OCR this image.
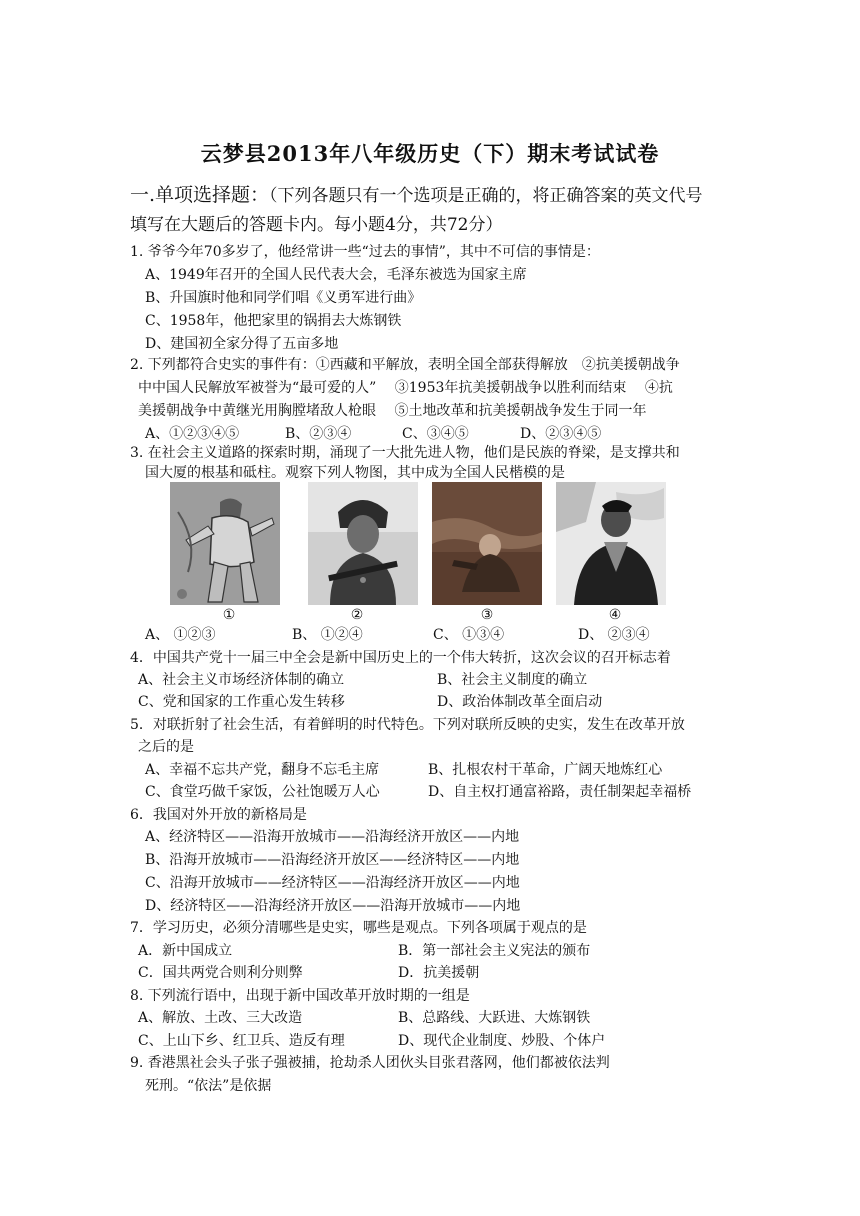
云梦县2013年八年级历史（下）期末考试试卷
一.单项选择题：（下列各题只有一个选项是正确的，将正确答案的英文代号
填写在大题后的答题卡内。每小题4分，共72分）
1. 爷爷今年70多岁了，他经常讲一些“过去的事情”，其中不可信的事情是：
A、1949年召开的全国人民代表大会，毛泽东被选为国家主席
B、升国旗时他和同学们唱《义勇军进行曲》
C、1958年，他把家里的锅捐去大炼钢铁
D、建国初全家分得了五亩多地
2. 下列都符合史实的事件有：①西藏和平解放，表明全国全部获得解放　②抗美援朝战争
中中国人民解放军被誉为“最可爱的人”　 ③1953年抗美援朝战争以胜利而结束　 ④抗
美援朝战争中黄继光用胸膛堵敌人枪眼　 ⑤土地改革和抗美援朝战争发生于同一年
A、①②③④⑤	B、②③④	C、③④⑤	D、②③④⑤
3. 在社会主义道路的探索时期，涌现了一大批先进人物，他们是民族的脊梁，是支撑共和
国大厦的根基和砥柱。观察下列人物图，其中成为全国人民楷模的是
①	②	③	④
A、 ①②③	B、 ①②④	C、 ①③④	D、 ②③④
4．中国共产党十一届三中全会是新中国历史上的一个伟大转折，这次会议的召开标志着
A、社会主义市场经济体制的确立	B、社会主义制度的确立
C、党和国家的工作重心发生转移	D、政治体制改革全面启动
5．对联折射了社会生活，有着鲜明的时代特色。下列对联所反映的史实，发生在改革开放
之后的是
A、幸福不忘共产党，翻身不忘毛主席	B、扎根农村干革命，广阔天地炼红心
C、食堂巧做千家饭，公社饱暖万人心	D、自主权打通富裕路，责任制架起幸福桥
6．我国对外开放的新格局是
A、经济特区——沿海开放城市——沿海经济开放区——内地
B、沿海开放城市——沿海经济开放区——经济特区——内地
C、沿海开放城市——经济特区——沿海经济开放区——内地
D、经济特区——沿海经济开放区——沿海开放城市——内地
7．学习历史，必须分清哪些是史实，哪些是观点。下列各项属于观点的是
A．新中国成立	B．第一部社会主义宪法的颁布
C．国共两党合则利分则弊	D．抗美援朝
8. 下列流行语中，出现于新中国改革开放时期的一组是
A、解放、土改、三大改造	B、总路线、大跃进、大炼钢铁
C、上山下乡、红卫兵、造反有理	D、现代企业制度、炒股、个体户
9. 香港黑社会头子张子强被捕，抢劫杀人团伙头目张君落网，他们都被依法判
死刑。“依法”是依据
